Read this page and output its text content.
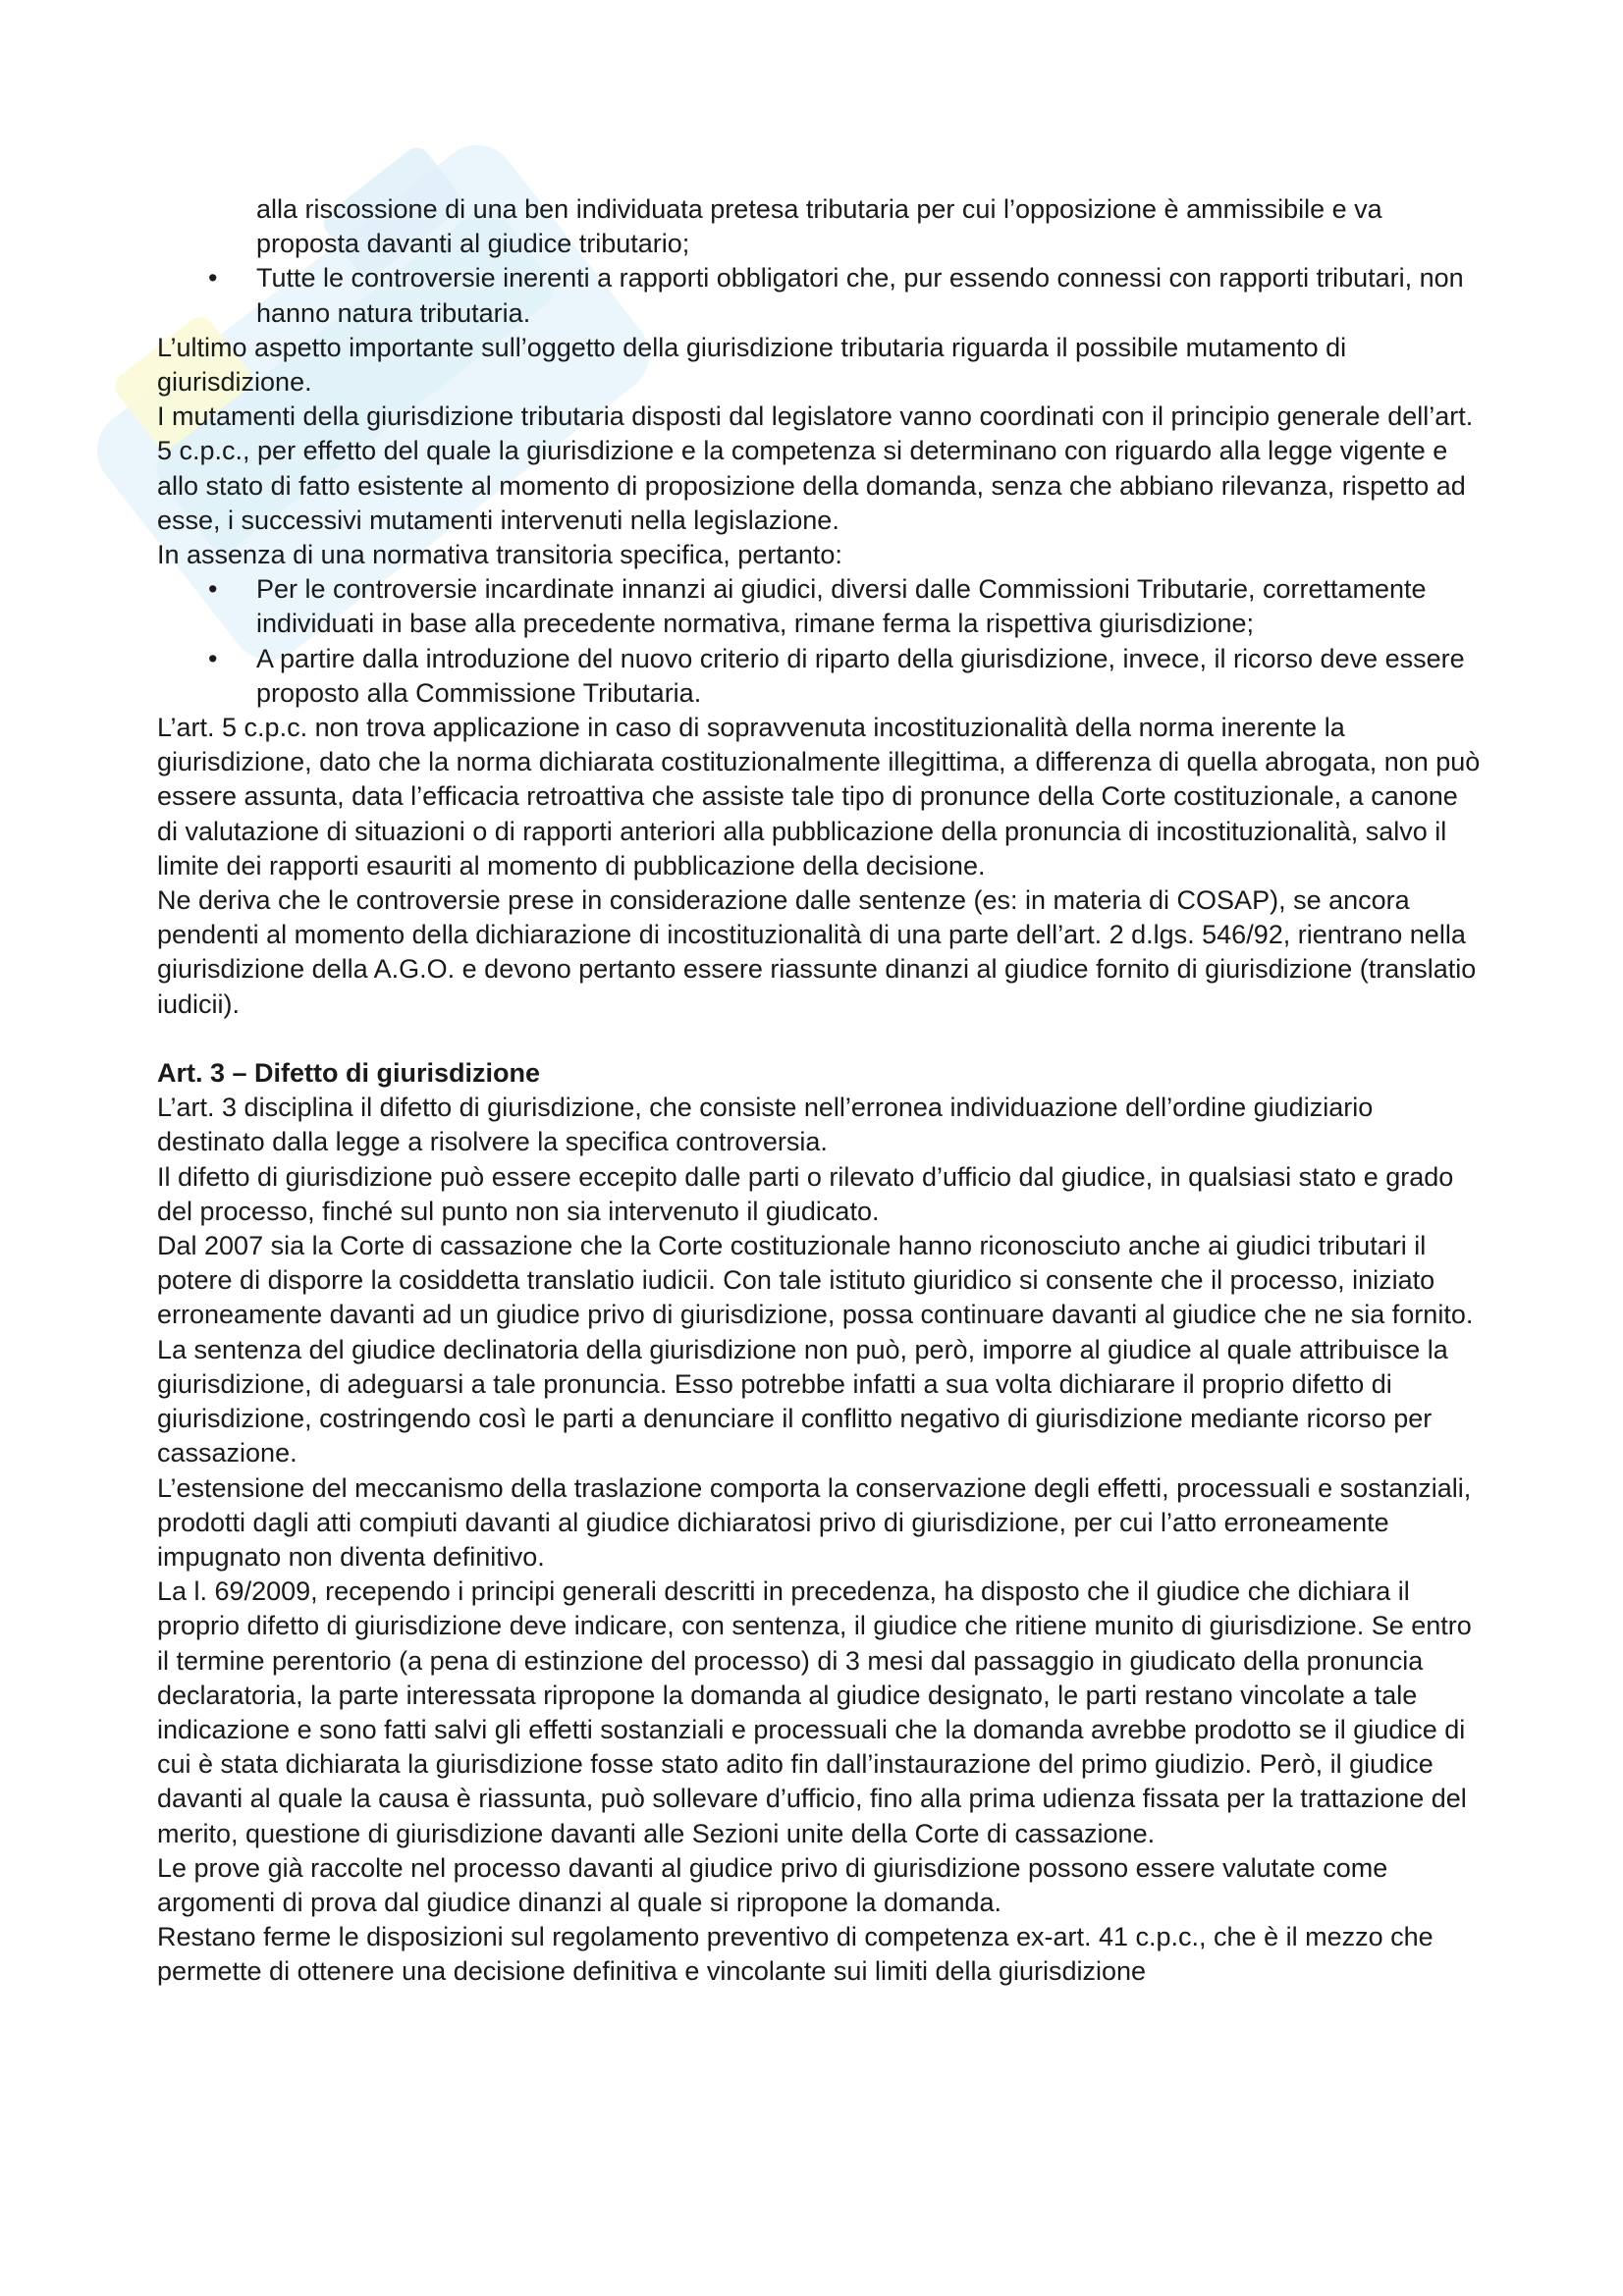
alla riscossione di una ben individuata pretesa tributaria per cui l’opposizione è ammissibile e va proposta davanti al giudice tributario;

• Tutte le controversie inerenti a rapporti obbligatori che, pur essendo connessi con rapporti tributari, non hanno natura tributaria.

L’ultimo aspetto importante sull’oggetto della giurisdizione tributaria riguarda il possibile mutamento di giurisdizione.

I mutamenti della giurisdizione tributaria disposti dal legislatore vanno coordinati con il principio generale dell’art. 5 c.p.c., per effetto del quale la giurisdizione e la competenza si determinano con riguardo alla legge vigente e allo stato di fatto esistente al momento di proposizione della domanda, senza che abbiano rilevanza, rispetto ad esse, i successivi mutamenti intervenuti nella legislazione.

In assenza di una normativa transitoria specifica, pertanto:

• Per le controversie incardinate innanzi ai giudici, diversi dalle Commissioni Tributarie, correttamente individuati in base alla precedente normativa, rimane ferma la rispettiva giurisdizione;
• A partire dalla introduzione del nuovo criterio di riparto della giurisdizione, invece, il ricorso deve essere proposto alla Commissione Tributaria.

L’art. 5 c.p.c. non trova applicazione in caso di sopravvenuta incostituzionalità della norma inerente la giurisdizione, dato che la norma dichiarata costituzionalmente illegittima, a differenza di quella abrogata, non può essere assunta, data l’efficacia retroattiva che assiste tale tipo di pronunce della Corte costituzionale, a canone di valutazione di situazioni o di rapporti anteriori alla pubblicazione della pronuncia di incostituzionalità, salvo il limite dei rapporti esauriti al momento di pubblicazione della decisione.

Ne deriva che le controversie prese in considerazione dalle sentenze (es: in materia di COSAP), se ancora pendenti al momento della dichiarazione di incostituzionalità di una parte dell’art. 2 d.lgs. 546/92, rientrano nella giurisdizione della A.G.O. e devono pertanto essere riassunte dinanzi al giudice fornito di giurisdizione (translatio iudicii).

Art. 3 – Difetto di giurisdizione

L’art. 3 disciplina il difetto di giurisdizione, che consiste nell’erronea individuazione dell’ordine giudiziario destinato dalla legge a risolvere la specifica controversia.

Il difetto di giurisdizione può essere eccepito dalle parti o rilevato d’ufficio dal giudice, in qualsiasi stato e grado del processo, finché sul punto non sia intervenuto il giudicato.

Dal 2007 sia la Corte di cassazione che la Corte costituzionale hanno riconosciuto anche ai giudici tributari il potere di disporre la cosiddetta translatio iudicii. Con tale istituto giuridico si consente che il processo, iniziato erroneamente davanti ad un giudice privo di giurisdizione, possa continuare davanti al giudice che ne sia fornito. La sentenza del giudice declinatoria della giurisdizione non può, però, imporre al giudice al quale attribuisce la giurisdizione, di adeguarsi a tale pronuncia. Esso potrebbe infatti a sua volta dichiarare il proprio difetto di giurisdizione, costringendo così le parti a denunciare il conflitto negativo di giurisdizione mediante ricorso per cassazione.

L’estensione del meccanismo della traslazione comporta la conservazione degli effetti, processuali e sostanziali, prodotti dagli atti compiuti davanti al giudice dichiaratosi privo di giurisdizione, per cui l’atto erroneamente impugnato non diventa definitivo.

La l. 69/2009, recependo i principi generali descritti in precedenza, ha disposto che il giudice che dichiara il proprio difetto di giurisdizione deve indicare, con sentenza, il giudice che ritiene munito di giurisdizione. Se entro il termine perentorio (a pena di estinzione del processo) di 3 mesi dal passaggio in giudicato della pronuncia declaratoria, la parte interessata ripropone la domanda al giudice designato, le parti restano vincolate a tale indicazione e sono fatti salvi gli effetti sostanziali e processuali che la domanda avrebbe prodotto se il giudice di cui è stata dichiarata la giurisdizione fosse stato adito fin dall’instaurazione del primo giudizio. Però, il giudice davanti al quale la causa è riassunta, può sollevare d’ufficio, fino alla prima udienza fissata per la trattazione del merito, questione di giurisdizione davanti alle Sezioni unite della Corte di cassazione.

Le prove già raccolte nel processo davanti al giudice privo di giurisdizione possono essere valutate come argomenti di prova dal giudice dinanzi al quale si ripropone la domanda.

Restano ferme le disposizioni sul regolamento preventivo di competenza ex-art. 41 c.p.c., che è il mezzo che permette di ottenere una decisione definitiva e vincolante sui limiti della giurisdizione
